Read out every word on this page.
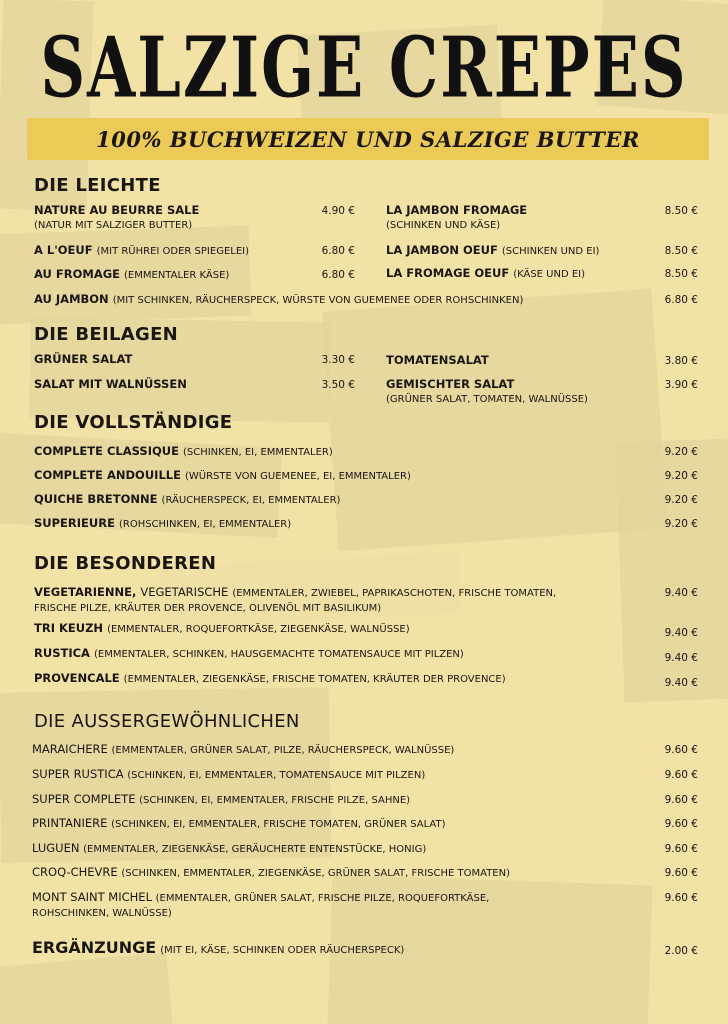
SALZIGE CREPES
100% BUCHWEIZEN UND SALZIGE BUTTER
DIE LEICHTE
NATURE AU BEURRE SALE
(NATUR MIT SALZIGER BUTTER)
4.90 €
A L'OEUF (MIT RÜHREI ODER SPIEGELEI)	6.80 €
AU FROMAGE (EMMENTALER KÄSE)	6.80 €
LA JAMBON FROMAGE
(SCHINKEN UND KÄSE)
8.50 €
LA JAMBON OEUF (SCHINKEN UND EI)	8.50 €
LA FROMAGE OEUF (KÄSE UND EI)	8.50 €
AU JAMBON (MIT SCHINKEN, RÄUCHERSPECK, WÜRSTE VON GUEMENEE ODER ROHSCHINKEN)	6.80 €
DIE BEILAGEN
GRÜNER SALAT	3.30 €
SALAT MIT WALNÜSSEN	3.50 €
TOMATENSALAT	3.80 €
GEMISCHTER SALAT
(GRÜNER SALAT, TOMATEN, WALNÜSSE)
3.90 €
DIE VOLLSTÄNDIGE
COMPLETE CLASSIQUE (SCHINKEN, EI, EMMENTALER)	9.20 €
COMPLETE ANDOUILLE (WÜRSTE VON GUEMENEE, EI, EMMENTALER)	9.20 €
QUICHE BRETONNE (RÄUCHERSPECK, EI, EMMENTALER)	9.20 €
SUPERIEURE (ROHSCHINKEN, EI, EMMENTALER)	9.20 €
DIE BESONDEREN
VEGETARIENNE, VEGETARISCHE (EMMENTALER, ZWIEBEL, PAPRIKASCHOTEN, FRISCHE TOMATEN,
FRISCHE PILZE, KRÄUTER DER PROVENCE, OLIVENÖL MIT BASILIKUM)
9.40 €
TRI KEUZH (EMMENTALER, ROQUEFORTKÄSE, ZIEGENKÄSE, WALNÜSSE)	9.40 €
RUSTICA (EMMENTALER, SCHINKEN, HAUSGEMACHTE TOMATENSAUCE MIT PILZEN)	9.40 €
PROVENCALE (EMMENTALER, ZIEGENKÄSE, FRISCHE TOMATEN, KRÄUTER DER PROVENCE)	9.40 €
DIE AUSSERGEWÖHNLICHEN
MARAICHERE (EMMENTALER, GRÜNER SALAT, PILZE, RÄUCHERSPECK, WALNÜSSE)	9.60 €
SUPER RUSTICA (SCHINKEN, EI, EMMENTALER, TOMATENSAUCE MIT PILZEN)	9.60 €
SUPER COMPLETE (SCHINKEN, EI, EMMENTALER, FRISCHE PILZE, SAHNE)	9.60 €
PRINTANIERE (SCHINKEN, EI, EMMENTALER, FRISCHE TOMATEN, GRÜNER SALAT)	9.60 €
LUGUEN (EMMENTALER, ZIEGENKÄSE, GERÄUCHERTE ENTENSTÜCKE, HONIG)	9.60 €
CROQ-CHEVRE (SCHINKEN, EMMENTALER, ZIEGENKÄSE, GRÜNER SALAT, FRISCHE TOMATEN)	9.60 €
MONT SAINT MICHEL (EMMENTALER, GRÜNER SALAT, FRISCHE PILZE, ROQUEFORTKÄSE,
ROHSCHINKEN, WALNÜSSE)
9.60 €
ERGÄNZUNGE (MIT EI, KÄSE, SCHINKEN ODER RÄUCHERSPECK)	2.00 €
